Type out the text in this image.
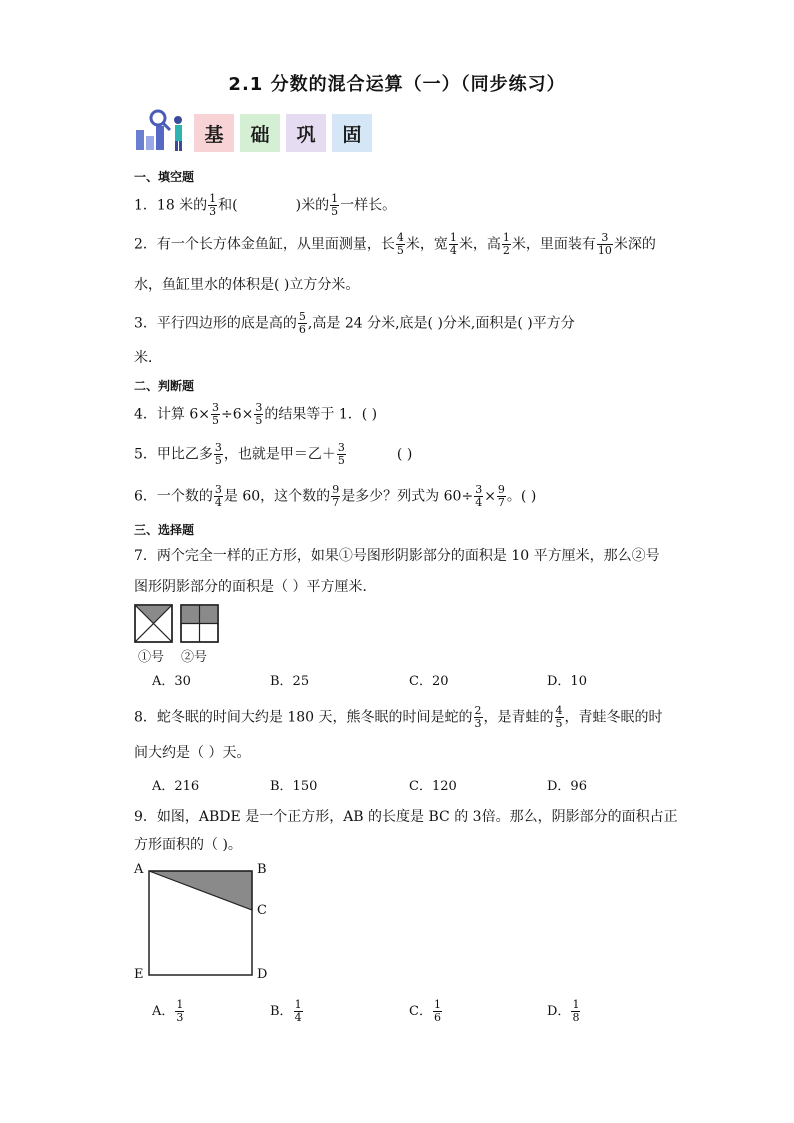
2.1 分数的混合运算（一）（同步练习）
基	础	巩	固
一、填空题
1．18 米的 $\frac{1}{3}$ 和(	)米的 $\frac{1}{5}$ 一样长。
2．有一个长方体金鱼缸，从里面测量，长 $\frac{4}{5}$ 米，宽 $\frac{1}{4}$ 米，高 $\frac{1}{2}$ 米，里面装有 $\frac{3}{10}$ 米深的
水，鱼缸里水的体积是( )立方分米。
3．平行四边形的底是高的 $\frac{5}{6}$ ,高是 24 分米,底是( )分米,面积是( )平方分
米．
二、判断题
4．计算 $6\times \frac{3}{5} \div 6\times \frac{3}{5}$ 的结果等于 1．( )
5．甲比乙多 $\frac{3}{5}$ ，也就是甲＝乙＋ $\frac{3}{5}$	( )
6．一个数的 $\frac{3}{4}$ 是 60，这个数的 $\frac{9}{7}$ 是多少？列式为 $60\div \frac{3}{4} \times \frac{9}{7}$ 。( )
三、选择题
7．两个完全一样的正方形，如果①号图形阴影部分的面积是 10 平方厘米，那么②号
图形阴影部分的面积是（ ）平方厘米．
①号 ②号
A．30	B．25	C．20	D．10
8．蛇冬眠的时间大约是 180 天，熊冬眠的时间是蛇的 $\frac{2}{3}$ ，是青蛙的 $\frac{4}{5}$ ，青蛙冬眠的时
间大约是（ ）天。
A．216	B．150	C．120	D．96
9．如图，ABDE 是一个正方形，AB 的长度是 BC 的 3倍。那么，阴影部分的面积占正
方形面积的（ )。
A	B
C
E	D
A． $\frac{1}{3}$	B． $\frac{1}{4}$	C． $\frac{1}{6}$	D． $\frac{1}{8}$
